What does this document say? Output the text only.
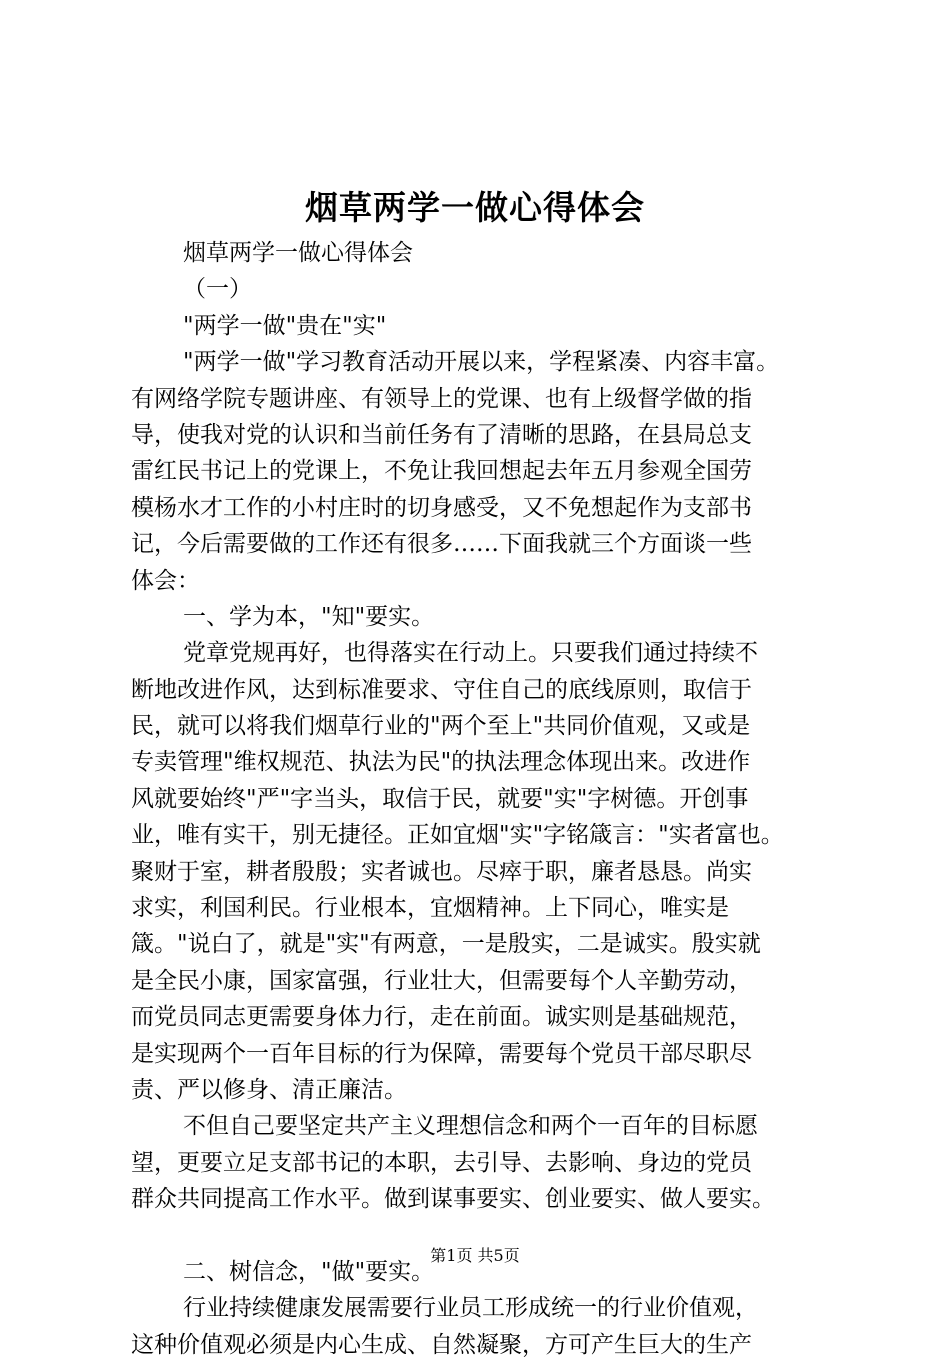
烟草两学一做心得体会
烟草两学一做心得体会
（一）
"两学一做"贵在"实"
"两学一做"学习教育活动开展以来，学程紧凑、内容丰富。
有网络学院专题讲座、有领导上的党课、也有上级督学做的指
导，使我对党的认识和当前任务有了清晰的思路，在县局总支
雷红民书记上的党课上，不免让我回想起去年五月参观全国劳
模杨水才工作的小村庄时的切身感受，又不免想起作为支部书
记，今后需要做的工作还有很多……下面我就三个方面谈一些
体会：
一、学为本，"知"要实。
党章党规再好，也得落实在行动上。只要我们通过持续不
断地改进作风，达到标准要求、守住自己的底线原则，取信于
民，就可以将我们烟草行业的"两个至上"共同价值观，又或是
专卖管理"维权规范、执法为民"的执法理念体现出来。改进作
风就要始终"严"字当头，取信于民，就要"实"字树德。开创事
业，唯有实干，别无捷径。正如宜烟"实"字铭箴言："实者富也。
聚财于室，耕者殷殷；实者诚也。尽瘁于职，廉者恳恳。尚实
求实，利国利民。行业根本，宜烟精神。上下同心，唯实是
箴。"说白了，就是"实"有两意，一是殷实，二是诚实。殷实就
是全民小康，国家富强，行业壮大，但需要每个人辛勤劳动，
而党员同志更需要身体力行，走在前面。诚实则是基础规范，
是实现两个一百年目标的行为保障，需要每个党员干部尽职尽
责、严以修身、清正廉洁。
不但自己要坚定共产主义理想信念和两个一百年的目标愿
望，更要立足支部书记的本职，去引导、去影响、身边的党员
群众共同提高工作水平。做到谋事要实、创业要实、做人要实。
二、树信念，"做"要实。
行业持续健康发展需要行业员工形成统一的行业价值观，
这种价值观必须是内心生成、自然凝聚，方可产生巨大的生产
第1页 共5页
